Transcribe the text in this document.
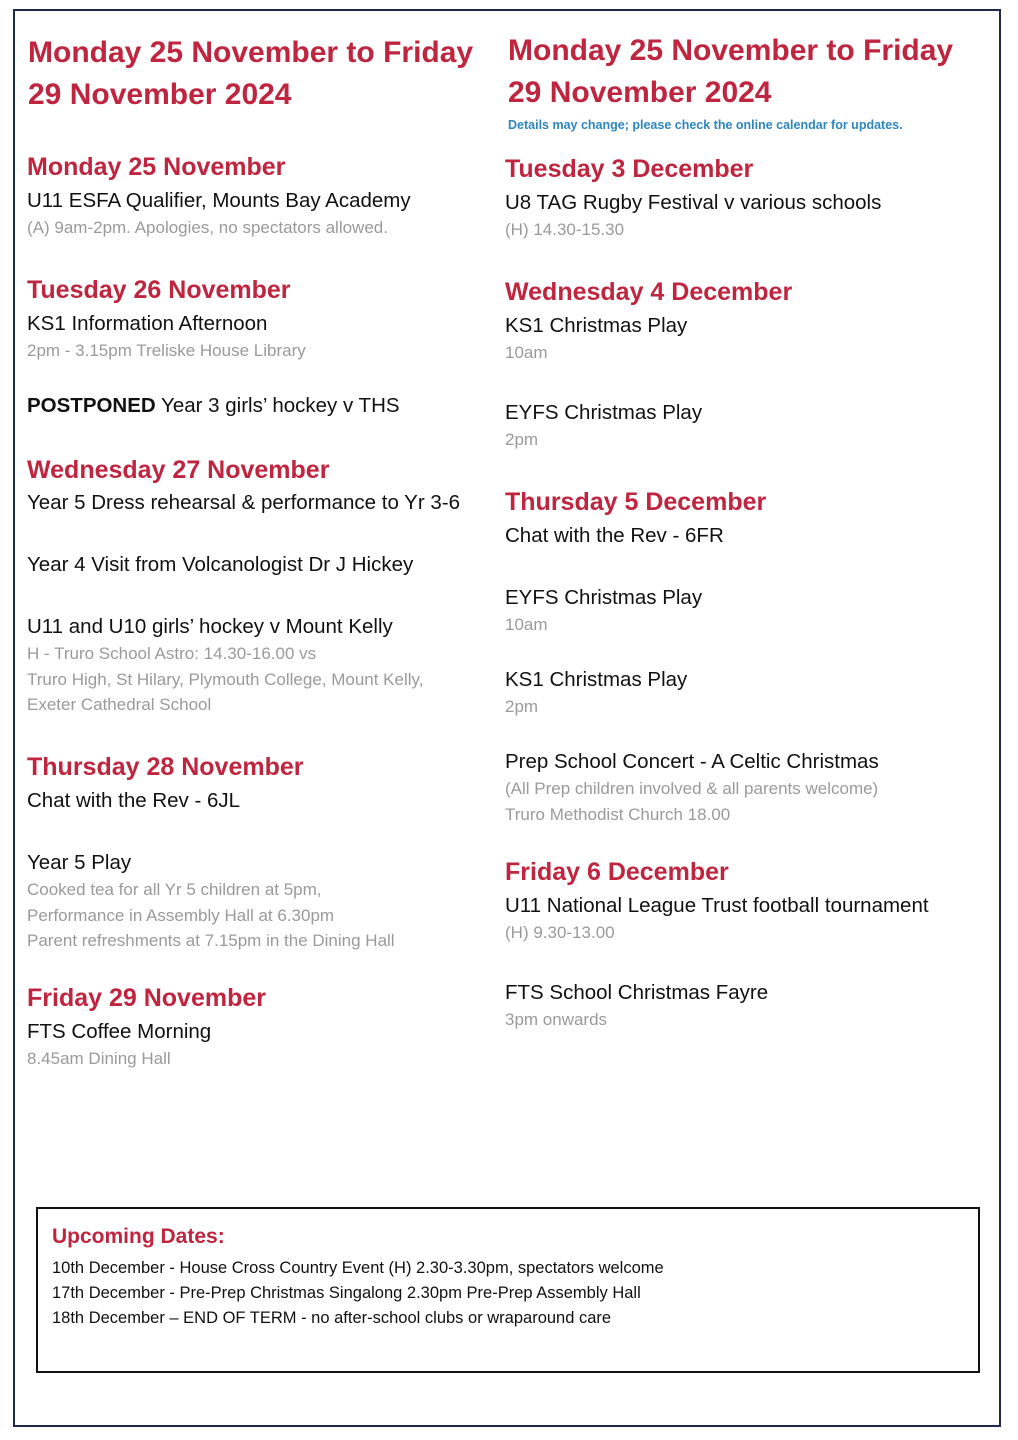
Monday 25 November to Friday
29 November 2024
Monday 25 November
U11 ESFA Qualifier, Mounts Bay Academy
(A) 9am-2pm. Apologies, no spectators allowed.
Tuesday 26 November
KS1 Information Afternoon
2pm - 3.15pm Treliske House Library
POSTPONED Year 3 girls’ hockey v THS
Wednesday 27 November
Year 5 Dress rehearsal & performance to Yr 3-6
Year 4 Visit from Volcanologist Dr J Hickey
U11 and U10 girls’ hockey v Mount Kelly
H - Truro School Astro: 14.30-16.00 vs
Truro High, St Hilary, Plymouth College, Mount Kelly,
Exeter Cathedral School
Thursday 28 November
Chat with the Rev - 6JL
Year 5 Play
Cooked tea for all Yr 5 children at 5pm,
Performance in Assembly Hall at 6.30pm
Parent refreshments at 7.15pm in the Dining Hall
Friday 29 November
FTS Coffee Morning
8.45am Dining Hall
Monday 25 November to Friday
29 November 2024
Details may change; please check the online calendar for updates.
Tuesday 3 December
U8 TAG Rugby Festival v various schools
(H) 14.30-15.30
Wednesday 4 December
KS1 Christmas Play
10am
EYFS Christmas Play
2pm
Thursday 5 December
Chat with the Rev - 6FR
EYFS Christmas Play
10am
KS1 Christmas Play
2pm
Prep School Concert - A Celtic Christmas
(All Prep children involved & all parents welcome)
Truro Methodist Church 18.00
Friday 6 December
U11 National League Trust football tournament
(H) 9.30-13.00
FTS School Christmas Fayre
3pm onwards
Upcoming Dates:
10th December - House Cross Country Event (H) 2.30-3.30pm, spectators welcome
17th December - Pre-Prep Christmas Singalong 2.30pm Pre-Prep Assembly Hall
18th December – END OF TERM - no after-school clubs or wraparound care
